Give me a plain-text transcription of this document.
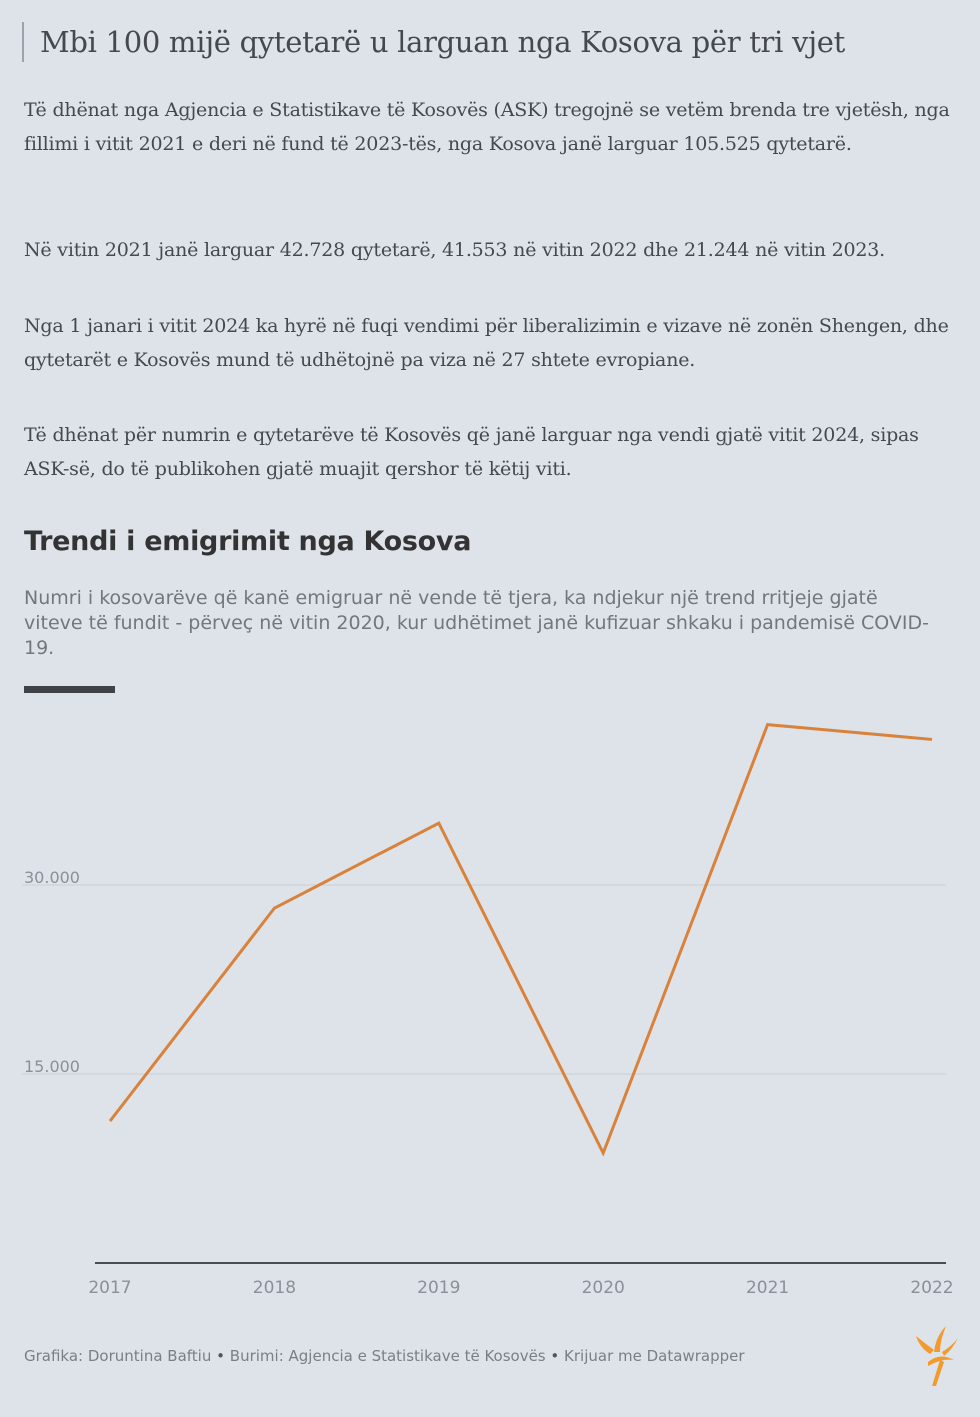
Mbi 100 mijë qytetarë u larguan nga Kosova për tri vjet

Të dhënat nga Agjencia e Statistikave të Kosovës (ASK) tregojnë se vetëm brenda tre vjetësh, nga fillimi i vitit 2021 e deri në fund të 2023-tës, nga Kosova janë larguar 105.525 qytetarë.

Në vitin 2021 janë larguar 42.728 qytetarë, 41.553 në vitin 2022 dhe 21.244 në vitin 2023.

Nga 1 janari i vitit 2024 ka hyrë në fuqi vendimi për liberalizimin e vizave në zonën Shengen, dhe qytetarët e Kosovës mund të udhëtojnë pa viza në 27 shtete evropiane.

Të dhënat për numrin e qytetarëve të Kosovës që janë larguar nga vendi gjatë vitit 2024, sipas ASK-së, do të publikohen gjatë muajit qershor të këtij viti.

Trendi i emigrimit nga Kosova
Numri i kosovarëve që kanë emigruar në vende të tjera, ka ndjekur një trend rritjeje gjatë viteve të fundit - përveç në vitin 2020, kur udhëtimet janë kufizuar shkaku i pandemisë COVID-19.
15.000
30.000
2017	2018	2019	2020	2021	2022
Grafika: Doruntina Baftiu • Burimi: Agjencia e Statistikave të Kosovës • Krijuar me Datawrapper
